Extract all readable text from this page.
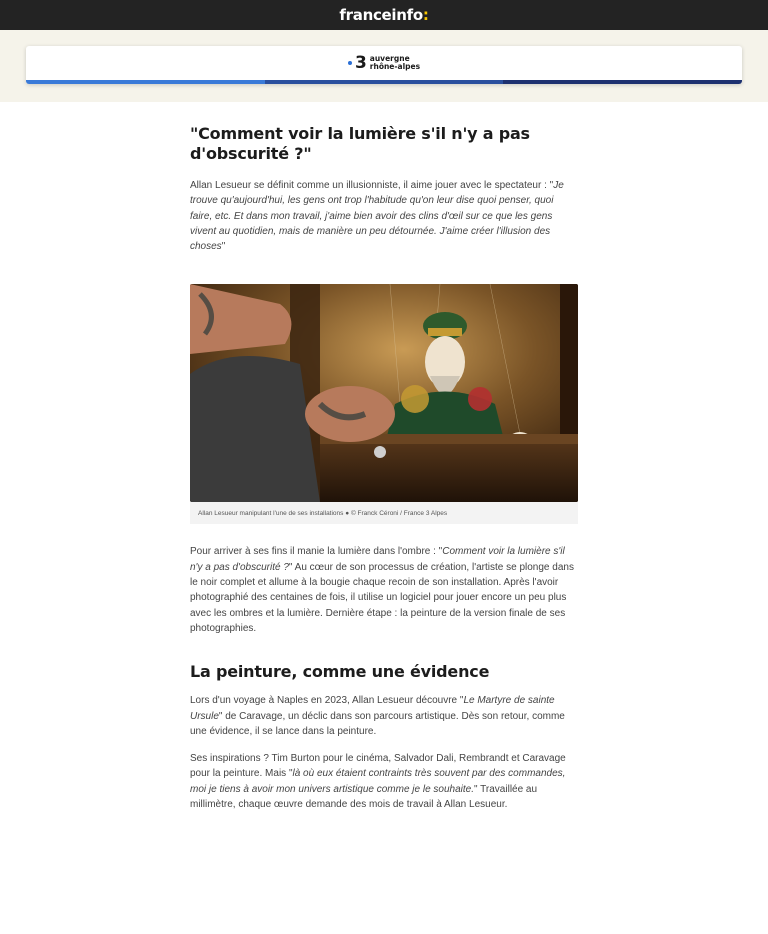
franceinfo:
3 auvergne
rhône-alpes
"Comment voir la lumière s'il n'y a pas d'obscurité ?"

Allan Lesueur se définit comme un illusionniste, il aime jouer avec le spectateur : "Je trouve qu'aujourd'hui, les gens ont trop l'habitude qu'on leur dise quoi penser, quoi faire, etc. Et dans mon travail, j'aime bien avoir des clins d'œil sur ce que les gens vivent au quotidien, mais de manière un peu détournée. J'aime créer l'illusion des choses"

Allan Lesueur manipulant l'une de ses installations ● © Franck Céroni / France 3 Alpes

Pour arriver à ses fins il manie la lumière dans l'ombre : "Comment voir la lumière s'il n'y a pas d'obscurité ?" Au cœur de son processus de création, l'artiste se plonge dans le noir complet et allume à la bougie chaque recoin de son installation. Après l'avoir photographié des centaines de fois, il utilise un logiciel pour jouer encore un peu plus avec les ombres et la lumière. Dernière étape : la peinture de la version finale de ses photographies.

La peinture, comme une évidence

Lors d'un voyage à Naples en 2023, Allan Lesueur découvre "Le Martyre de sainte Ursule" de Caravage, un déclic dans son parcours artistique. Dès son retour, comme une évidence, il se lance dans la peinture.

Ses inspirations ? Tim Burton pour le cinéma, Salvador Dali, Rembrandt et Caravage pour la peinture. Mais "là où eux étaient contraints très souvent par des commandes, moi je tiens à avoir mon univers artistique comme je le souhaite." Travaillée au millimètre, chaque œuvre demande des mois de travail à Allan Lesueur.
